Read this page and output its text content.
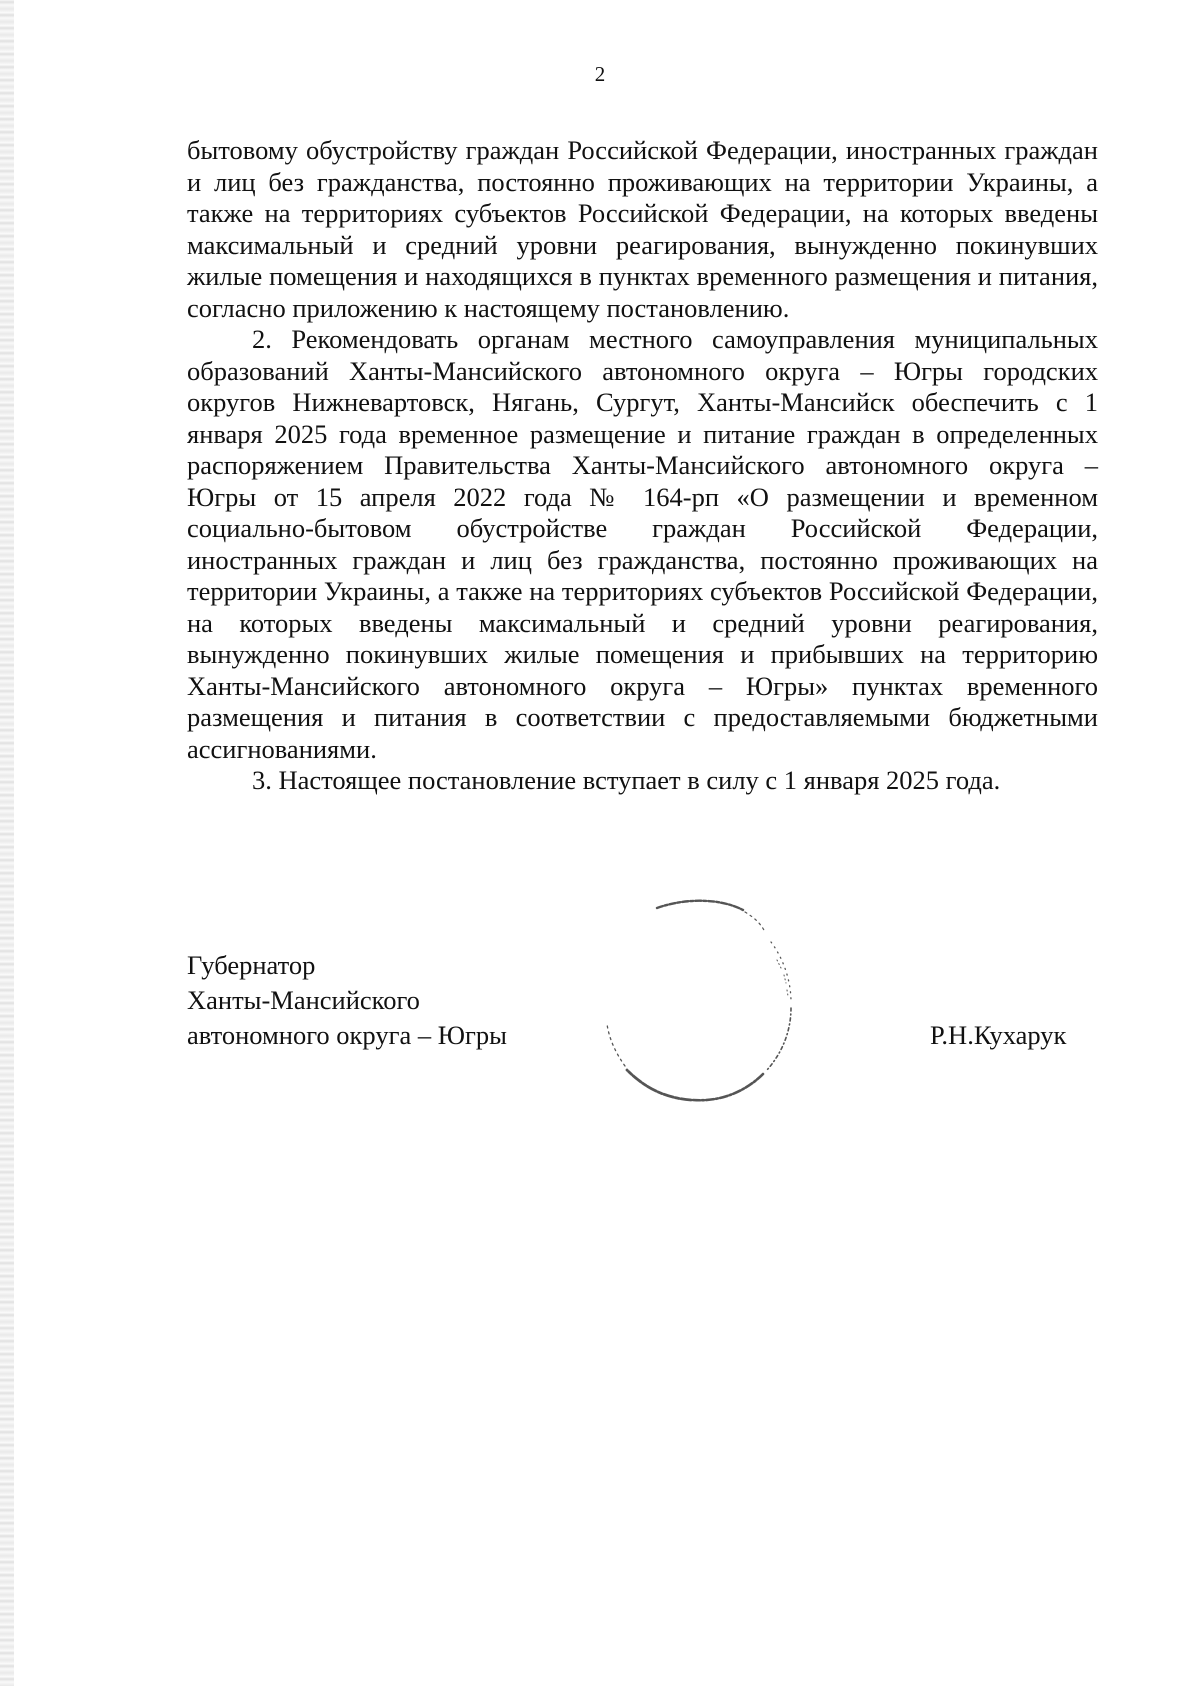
2

бытовому обустройству граждан Российской Федерации, иностранных граждан и лиц без гражданства, постоянно проживающих на территории Украины, а также на территориях субъектов Российской Федерации, на которых введены максимальный и средний уровни реагирования, вынужденно покинувших жилые помещения и находящихся в пунктах временного размещения и питания, согласно приложению к настоящему постановлению.

2. Рекомендовать органам местного самоуправления муниципальных образований Ханты-Мансийского автономного округа – Югры городских округов Нижневартовск, Нягань, Сургут, Ханты-Мансийск обеспечить с 1 января 2025 года временное размещение и питание граждан в определенных распоряжением Правительства Ханты-Мансийского автономного округа – Югры от 15 апреля 2022 года № 164-рп «О размещении и временном социально-бытовом обустройстве граждан Российской Федерации, иностранных граждан и лиц без гражданства, постоянно проживающих на территории Украины, а также на территориях субъектов Российской Федерации, на которых введены максимальный и средний уровни реагирования, вынужденно покинувших жилые помещения и прибывших на территорию Ханты-Мансийского автономного округа – Югры» пунктах временного размещения и питания в соответствии с предоставляемыми бюджетными ассигнованиями.

3. Настоящее постановление вступает в силу с 1 января 2025 года.

Губернатор
Ханты-Мансийского
автономного округа – Югры	Р.Н.Кухарук
